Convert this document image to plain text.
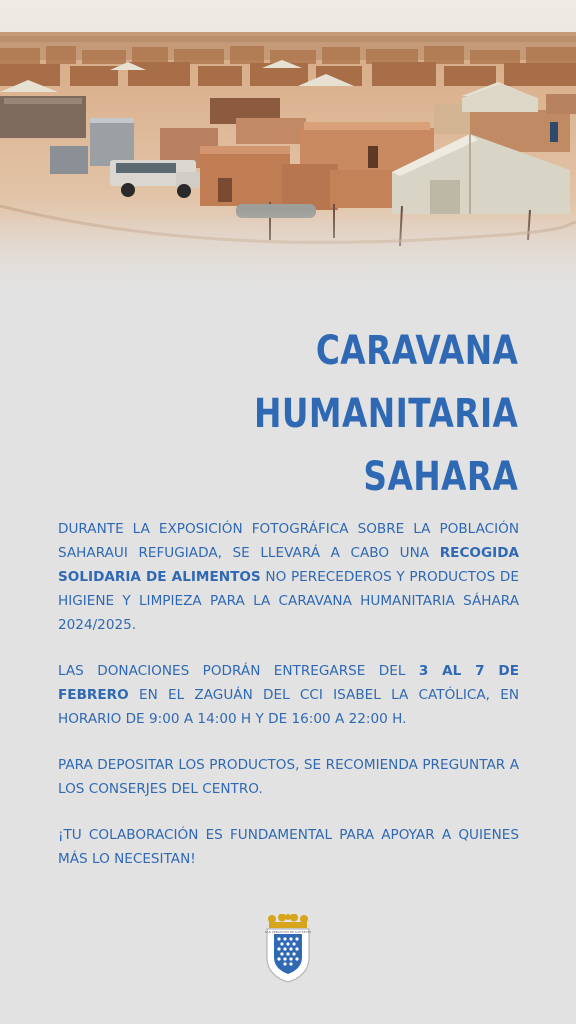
CARAVANA
HUMANITARIA
SAHARA

DURANTE LA EXPOSICIÓN FOTOGRÁFICA SOBRE LA POBLACIÓN SAHARAUI REFUGIADA, SE LLEVARÁ A CABO UNA RECOGIDA SOLIDARIA DE ALIMENTOS NO PERECEDEROS Y PRODUCTOS DE HIGIENE Y LIMPIEZA PARA LA CARAVANA HUMANITARIA SÁHARA 2024/2025.

LAS DONACIONES PODRÁN ENTREGARSE DEL 3 AL 7 DE FEBRERO EN EL ZAGUÁN DEL CCI ISABEL LA CATÓLICA, EN HORARIO DE 9:00 A 14:00 H Y DE 16:00 A 22:00 H.

PARA DEPOSITAR LOS PRODUCTOS, SE RECOMIENDA PREGUNTAR A LOS CONSERJES DEL CENTRO.

¡TU COLABORACIÓN ES FUNDAMENTAL PARA APOYAR A QUIENES MÁS LO NECESITAN!

SAN SEBASTIÁN DE LOS REYES
